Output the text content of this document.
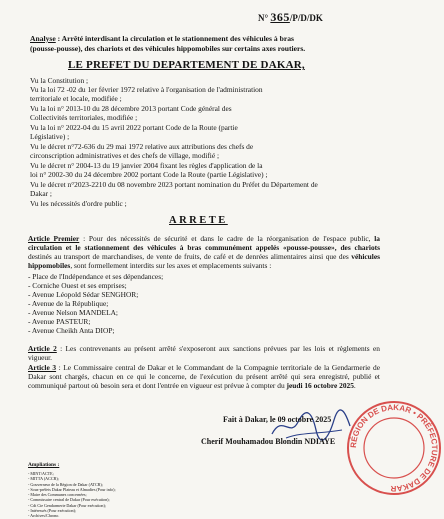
N° 365/P/D/DK
Analyse : Arrêté interdisant la circulation et le stationnement des véhicules à bras
(pousse-pousse), des chariots et des véhicules hippomobiles sur certains axes routiers.
LE PREFET DU DEPARTEMENT DE DAKAR,
Vu la Constitution ;
Vu la loi 72 -02 du 1er février 1972 relative à l'organisation de l'administration
territoriale et locale, modifiée ;
Vu la loi n° 2013-10 du 28 décembre 2013 portant Code général des
Collectivités territoriales, modifiée ;
Vu la loi n° 2022-04 du 15 avril 2022 portant Code de la Route (partie
Législative) ;
Vu le décret n°72-636 du 29 mai 1972 relative aux attributions des chefs de
circonscription administratives et des chefs de village, modifié ;
Vu le décret n° 2004-13 du 19 janvier 2004 fixant les règles d'application de la
loi n° 2002-30 du 24 décembre 2002 portant Code la Route (partie Législative) ;
Vu le décret n°2023-2210 du 08 novembre 2023 portant nomination du Préfet du Département de
Dakar ;
Vu les nécessités d'ordre public ;
ARRETE
Article Premier : Pour des nécessités de sécurité et dans le cadre de la réorganisation de l'espace public, la circulation et le stationnement des véhicules à bras communément appelés «pousse-pousse», des chariots destinés au transport de marchandises, de vente de fruits, de café et de denrées alimentaires ainsi que des véhicules hippomobiles, sont formellement interdits sur les axes et emplacements suivants :
- Place de l'Indépendance et ses dépendances;
- Corniche Ouest et ses emprises;
- Avenue Léopold Sédar SENGHOR;
- Avenue de la République;
- Avenue Nelson MANDELA;
- Avenue PASTEUR;
- Avenue Cheikh Anta DIOP;
Article 2 : Les contrevenants au présent arrêté s'exposeront aux sanctions prévues par les lois et règlements en vigueur.
Article 3 : Le Commissaire central de Dakar et le Commandant de la Compagnie territoriale de la Gendarmerie de Dakar sont chargés, chacun en ce qui le concerne, de l'exécution du présent arrêté qui sera enregistré, publié et communiqué partout où besoin sera et dont l'entrée en vigueur est prévue à compter du jeudi 16 octobre 2025.
Fait à Dakar, le 09 octobre 2025
Cherif Mouhamadou Blondin NDIAYE RÉGION DE DAKAR • PRÉFECTURE DE DAKAR
Ampliations :
- MINT/ACTE;
- MITTA (ACCR);
- Gouverneur de la Région de Dakar (ATCR);
- Sous-préfets Dakar Plateau et Almadies (Pour info);
- Maire des Communes concernées;
- Commissaire central de Dakar (Pour exécution);
- Cdt Cie Gendarmerie Dakar (Pour exécution);
- Intéressés (Pour exécution);
- Archives/Chrono.
